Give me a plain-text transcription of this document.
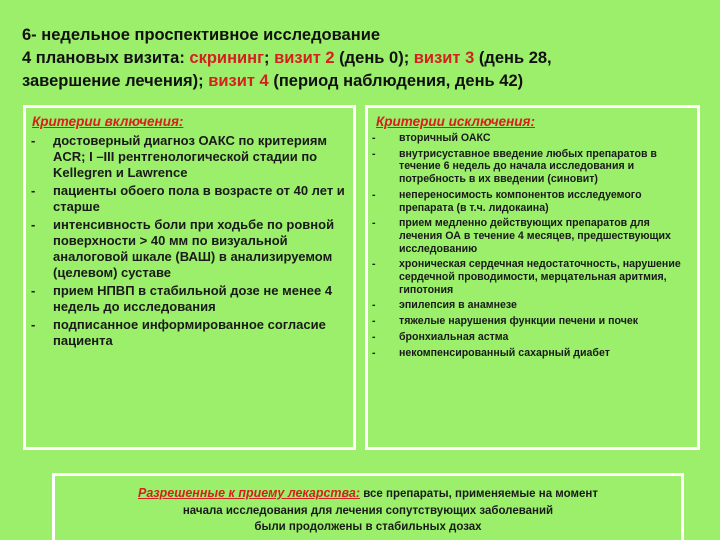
6- недельное проспективное исследование
4 плановых визита: скрининг; визит 2 (день 0); визит 3 (день 28,
завершение лечения); визит 4 (период наблюдения, день 42)
Критерии включения:
-	достоверный диагноз ОАКС по критериям ACR; I –III рентгенологической стадии по Kellegren и Lawrence
-	пациенты обоего пола в возрасте от 40 лет и старше
-	интенсивность боли при ходьбе по ровной поверхности > 40 мм по визуальной аналоговой шкале (ВАШ) в анализируемом (целевом) суставе
-	прием НПВП в стабильной дозе не менее 4 недель до исследования
-	подписанное информированное согласие пациента
Критерии исключения:
-	вторичный ОАКС
-	внутрисуставное введение любых препаратов в течение 6 недель до начала исследования и потребность в их введении (синовит)
-	непереносимость компонентов исследуемого препарата (в т.ч. лидокаина)
-	прием медленно действующих препаратов для лечения ОА в течение 4 месяцев, предшествующих исследованию
-	хроническая сердечная недостаточность, нарушение сердечной проводимости, мерцательная аритмия, гипотония
-	эпилепсия в анамнезе
-	тяжелые нарушения функции печени и почек
-	бронхиальная астма
-	некомпенсированный сахарный диабет
Разрешенные к приему лекарства: все препараты, применяемые на момент
начала исследования для лечения сопутствующих заболеваний
были продолжены в стабильных дозах
